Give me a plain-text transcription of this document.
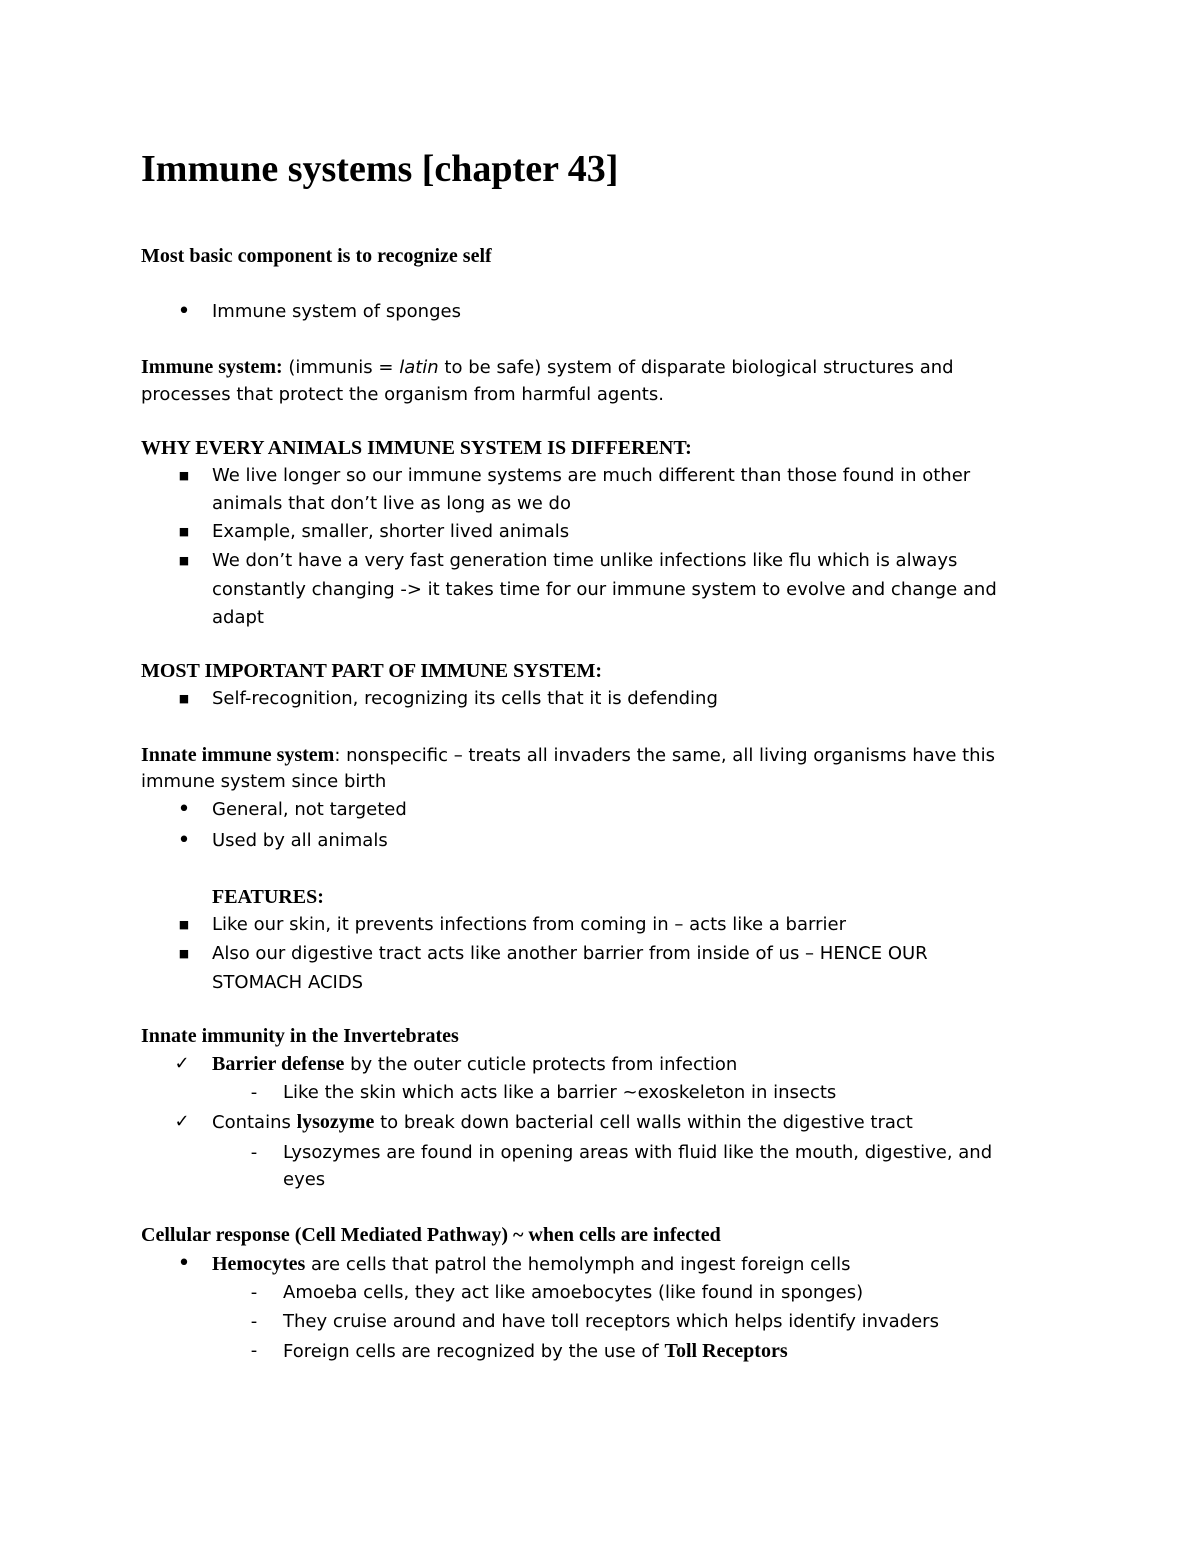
Immune systems [chapter 43]
Most basic component is to recognize self
• Immune system of sponges
Immune system: (immunis = latin to be safe) system of disparate biological structures and
processes that protect the organism from harmful agents.
WHY EVERY ANIMALS IMMUNE SYSTEM IS DIFFERENT:
■ We live longer so our immune systems are much different than those found in other
animals that don’t live as long as we do
■ Example, smaller, shorter lived animals
■ We don’t have a very fast generation time unlike infections like flu which is always
constantly changing -> it takes time for our immune system to evolve and change and
adapt
MOST IMPORTANT PART OF IMMUNE SYSTEM:
■ Self-recognition, recognizing its cells that it is defending
Innate immune system: nonspecific – treats all invaders the same, all living organisms have this
immune system since birth
• General, not targeted
• Used by all animals
FEATURES:
■ Like our skin, it prevents infections from coming in – acts like a barrier
■ Also our digestive tract acts like another barrier from inside of us – HENCE OUR
STOMACH ACIDS
Innate immunity in the Invertebrates
✓ Barrier defense by the outer cuticle protects from infection
- Like the skin which acts like a barrier ~exoskeleton in insects
✓ Contains lysozyme to break down bacterial cell walls within the digestive tract
- Lysozymes are found in opening areas with fluid like the mouth, digestive, and
eyes
Cellular response (Cell Mediated Pathway) ~ when cells are infected
• Hemocytes are cells that patrol the hemolymph and ingest foreign cells
- Amoeba cells, they act like amoebocytes (like found in sponges)
- They cruise around and have toll receptors which helps identify invaders
- Foreign cells are recognized by the use of Toll Receptors
